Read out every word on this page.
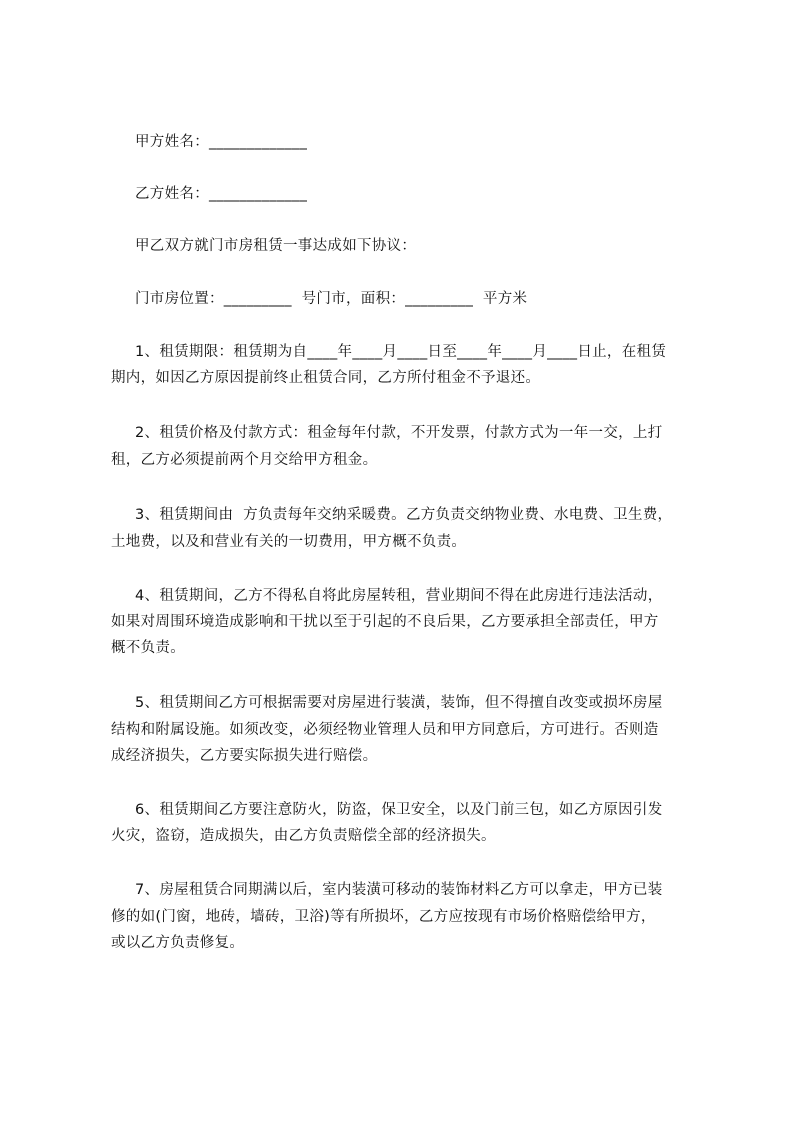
甲方姓名：_____________
乙方姓名：_____________
甲乙双方就门市房租赁一事达成如下协议：
门市房位置：_________  号门市，面积：_________  平方米
1、租赁期限：租赁期为自____年____月____日至____年____月____日止，在租赁
期内，如因乙方原因提前终止租赁合同，乙方所付租金不予退还。
2、租赁价格及付款方式：租金每年付款，不开发票，付款方式为一年一交，上打
租，乙方必须提前两个月交给甲方租金。
3、租赁期间由  方负责每年交纳采暖费。乙方负责交纳物业费、水电费、卫生费，
土地费，以及和营业有关的一切费用，甲方概不负责。
4、租赁期间，乙方不得私自将此房屋转租，营业期间不得在此房进行违法活动，
如果对周围环境造成影响和干扰以至于引起的不良后果，乙方要承担全部责任，甲方
概不负责。
5、租赁期间乙方可根据需要对房屋进行装潢，装饰，但不得擅自改变或损坏房屋
结构和附属设施。如须改变，必须经物业管理人员和甲方同意后，方可进行。否则造
成经济损失，乙方要实际损失进行赔偿。
6、租赁期间乙方要注意防火，防盗，保卫安全，以及门前三包，如乙方原因引发
火灾，盗窃，造成损失，由乙方负责赔偿全部的经济损失。
7、房屋租赁合同期满以后，室内装潢可移动的装饰材料乙方可以拿走，甲方已装
修的如(门窗，地砖，墙砖，卫浴)等有所损坏，乙方应按现有市场价格赔偿给甲方，
或以乙方负责修复。
